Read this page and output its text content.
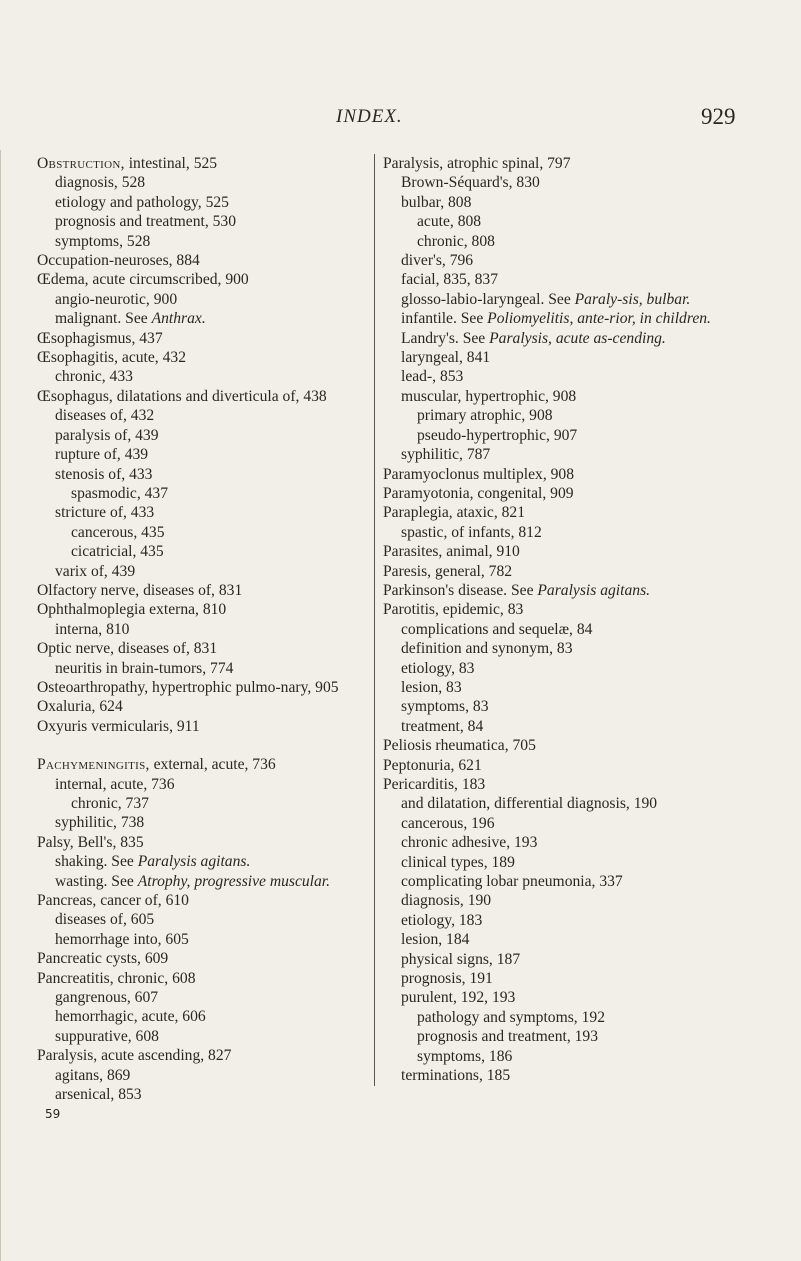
INDEX.	929
Obstruction, intestinal, 525
diagnosis, 528
etiology and pathology, 525
prognosis and treatment, 530
symptoms, 528
Occupation-neuroses, 884
Œdema, acute circumscribed, 900
angio-neurotic, 900
malignant. See Anthrax.
Œsophagismus, 437
Œsophagitis, acute, 432
chronic, 433
Œsophagus, dilatations and diverticula of, 438
diseases of, 432
paralysis of, 439
rupture of, 439
stenosis of, 433
spasmodic, 437
stricture of, 433
cancerous, 435
cicatricial, 435
varix of, 439
Olfactory nerve, diseases of, 831
Ophthalmoplegia externa, 810
interna, 810
Optic nerve, diseases of, 831
neuritis in brain-tumors, 774
Osteoarthropathy, hypertrophic pulmo-nary, 905
Oxaluria, 624
Oxyuris vermicularis, 911
Pachymeningitis, external, acute, 736
internal, acute, 736
chronic, 737
syphilitic, 738
Palsy, Bell's, 835
shaking. See Paralysis agitans.
wasting. See Atrophy, progressive muscular.
Pancreas, cancer of, 610
diseases of, 605
hemorrhage into, 605
Pancreatic cysts, 609
Pancreatitis, chronic, 608
gangrenous, 607
hemorrhagic, acute, 606
suppurative, 608
Paralysis, acute ascending, 827
agitans, 869
arsenical, 853
59
Paralysis, atrophic spinal, 797
Brown-Séquard's, 830
bulbar, 808
acute, 808
chronic, 808
diver's, 796
facial, 835, 837
glosso-labio-laryngeal. See Paraly-sis, bulbar.
infantile. See Poliomyelitis, ante-rior, in children.
Landry's. See Paralysis, acute as-cending.
laryngeal, 841
lead-, 853
muscular, hypertrophic, 908
primary atrophic, 908
pseudo-hypertrophic, 907
syphilitic, 787
Paramyoclonus multiplex, 908
Paramyotonia, congenital, 909
Paraplegia, ataxic, 821
spastic, of infants, 812
Parasites, animal, 910
Paresis, general, 782
Parkinson's disease. See Paralysis agitans.
Parotitis, epidemic, 83
complications and sequelæ, 84
definition and synonym, 83
etiology, 83
lesion, 83
symptoms, 83
treatment, 84
Peliosis rheumatica, 705
Peptonuria, 621
Pericarditis, 183
and dilatation, differential diagnosis, 190
cancerous, 196
chronic adhesive, 193
clinical types, 189
complicating lobar pneumonia, 337
diagnosis, 190
etiology, 183
lesion, 184
physical signs, 187
prognosis, 191
purulent, 192, 193
pathology and symptoms, 192
prognosis and treatment, 193
symptoms, 186
terminations, 185
